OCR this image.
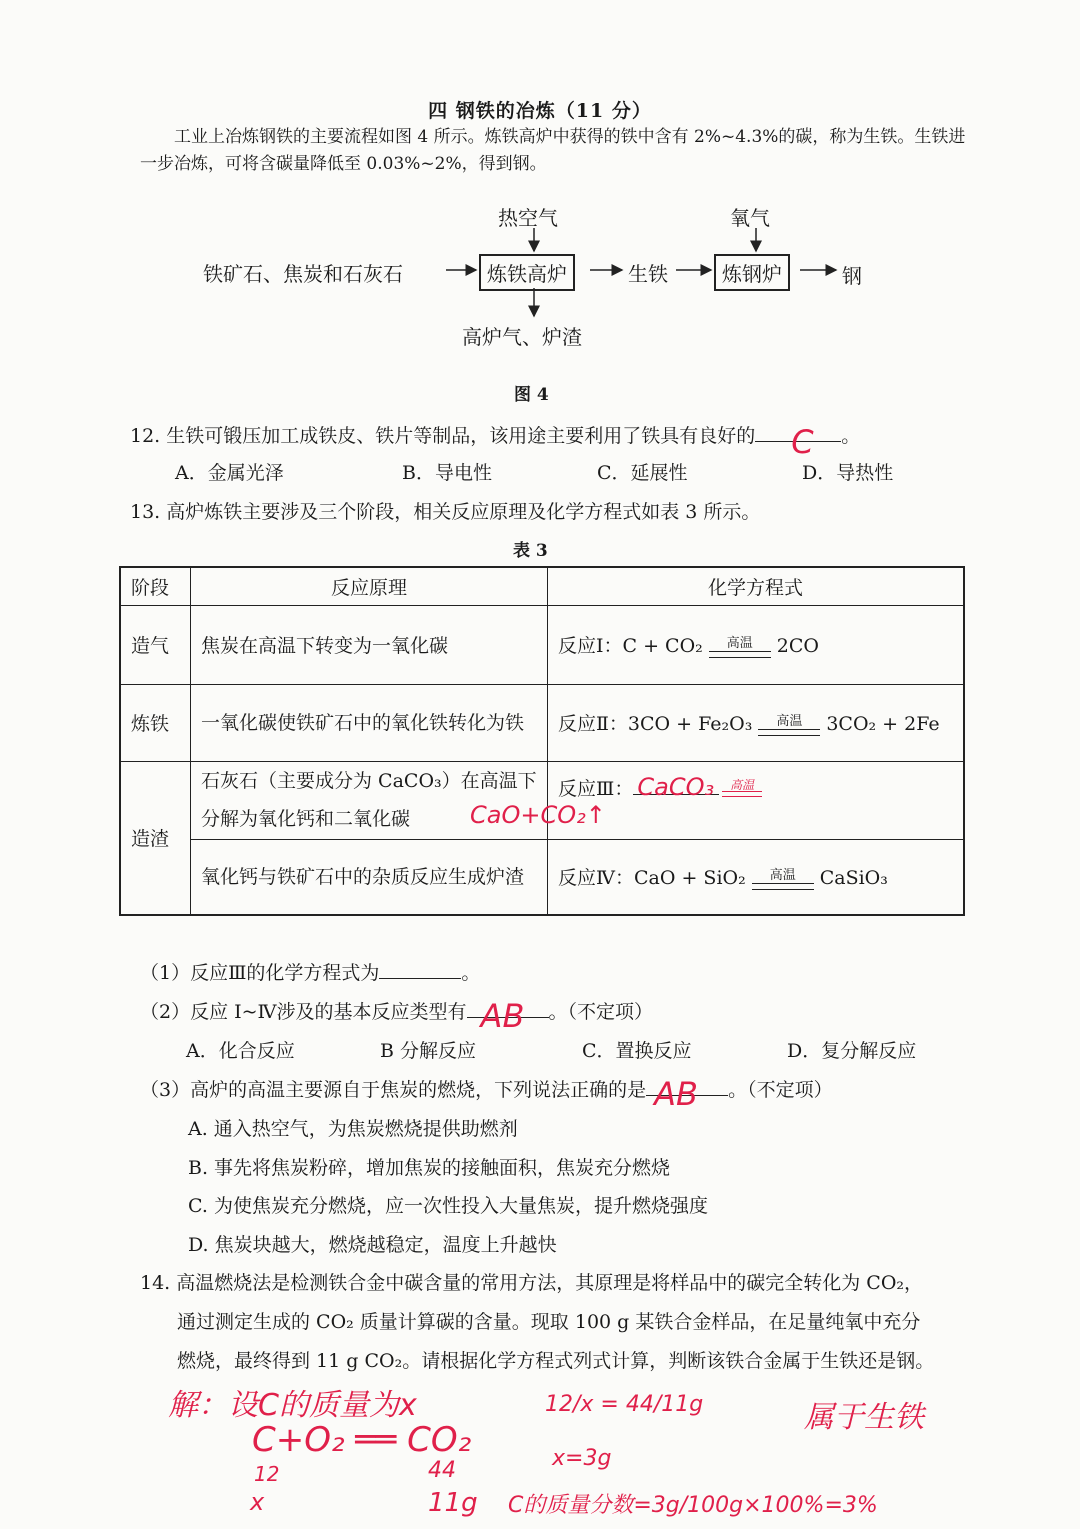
四 钢铁的冶炼（11 分）
工业上冶炼钢铁的主要流程如图 4 所示。炼铁高炉中获得的铁中含有 2%~4.3%的碳，称为生铁。生铁进一步冶炼，可将含碳量降低至 0.03%~2%，得到钢。
热空气	氧气
铁矿石、焦炭和石灰石	炼铁高炉	生铁	炼钢炉	钢
高炉气、炉渣
图 4
12. 生铁可锻压加工成铁皮、铁片等制品，该用途主要利用了铁具有良好的 C 。
A．金属光泽	B．导电性	C．延展性	D．导热性
13. 高炉炼铁主要涉及三个阶段，相关反应原理及化学方程式如表 3 所示。
表 3
阶段	反应原理	化学方程式
造气	焦炭在高温下转变为一氧化碳	反应Ⅰ：C + CO₂ 高温 2CO
炼铁	一氧化碳使铁矿石中的氧化铁转化为铁	反应Ⅱ：3CO + Fe₂O₃ 高温 3CO₂ + 2Fe
造渣	石灰石（主要成分为 CaCO₃）在高温下分解为氧化钙和二氧化碳	反应Ⅲ： CaCO₃ 高温
CaO+CO₂↑
	氧化钙与铁矿石中的杂质反应生成炉渣	反应Ⅳ：CaO + SiO₂ 高温 CaSiO₃
（1）反应Ⅲ的化学方程式为	。
（2）反应 Ⅰ~Ⅳ涉及的基本反应类型有 AB 。（不定项）
A．化合反应	B 分解反应	C．置换反应	D．复分解反应
（3）高炉的高温主要源自于焦炭的燃烧，下列说法正确的是 AB 。（不定项）
A. 通入热空气，为焦炭燃烧提供助燃剂
B. 事先将焦炭粉碎，增加焦炭的接触面积，焦炭充分燃烧
C. 为使焦炭充分燃烧，应一次性投入大量焦炭，提升燃烧强度
D. 焦炭块越大，燃烧越稳定，温度上升越快
14. 高温燃烧法是检测铁合金中碳含量的常用方法，其原理是将样品中的碳完全转化为 CO₂，
通过测定生成的 CO₂ 质量计算碳的含量。现取 100 g 某铁合金样品，在足量纯氧中充分
燃烧，最终得到 11 g CO₂。请根据化学方程式列式计算，判断该铁合金属于生铁还是钢。
解：设C的质量为x
C+O₂ ══ CO₂
12	44
x	11g
12/x = 44/11g
x=3g
C的质量分数=3g/100g×100%=3%
属于生铁
